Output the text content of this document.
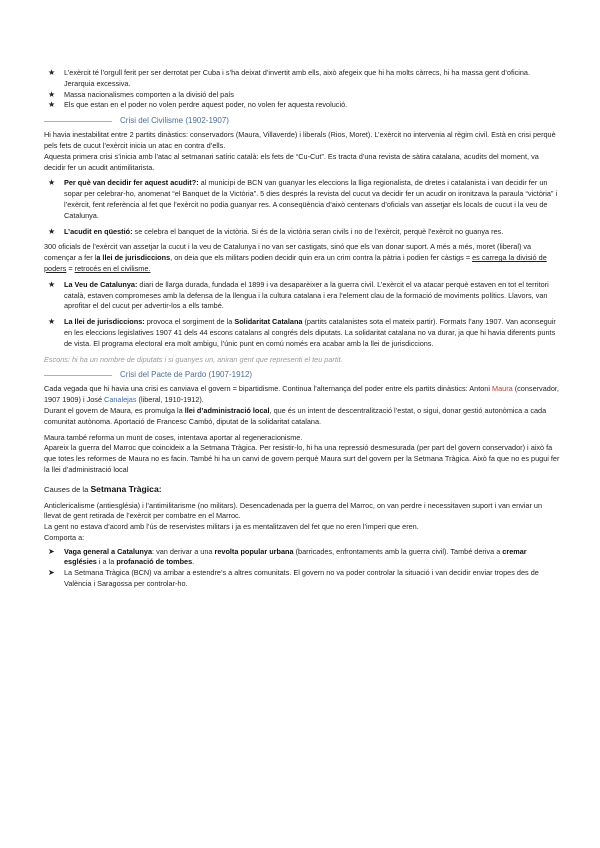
★ L’exèrcit té l’orgull ferit per ser derrotat per Cuba i s’ha deixat d’invertit amb ells, això afegeix que hi ha molts càrrecs, hi ha massa gent d’oficina. Jerarquia excessiva.
★ Massa nacionalismes comporten a la divisió del país
★ Els que estan en el poder no volen perdre aquest poder, no volen fer aquesta revolució.
Crisi del Civilisme (1902-1907)

Hi havia inestabilitat entre 2 partits dinàstics: conservadors (Maura, Villaverde) i liberals (Rios, Moret). L’exèrcit no intervenia al règim civil. Està en crisi perquè pels fets de cucut l’exèrcit inicia un atac en contra d’ells.

Aquesta primera crisi s’inicia amb l’atac al setmanari satíric català: els fets de “Cu-Cut”. Es tracta d’una revista de sàtira catalana, acudits del moment, va decidir fer un acudit antimilitarista.

★ Per què van decidir fer aquest acudit?: al municipi de BCN van guanyar les eleccions la lliga regionalista, de dretes i catalanista i van decidir fer un sopar per celebrar-ho, anomenat “el Banquet de la Victòria”. 5 dies després la revista del cucut va decidir fer un acudir on ironitzava la paraula “victòria” i l’exèrcit, fent referència al fet que l’exèrcit no podia guanyar res. A conseqüència d’això centenars d’oficials van assetjar els locals de cucut i la veu de Catalunya.
★ L’acudit en qüestió: se celebra el banquet de la victòria. Si és de la victòria seran civils i no de l’exèrcit, perquè l’exèrcit no guanya res.

300 oficials de l’exèrcit van assetjar la cucut i la veu de Catalunya i no van ser castigats, sinó que els van donar suport. A més a més, moret (liberal) va començar a fer la llei de jurisdiccions, on deia que els militars podien decidir quin era un crim contra la pàtria i podien fer càstigs = es carrega la divisió de poders = retrocés en el civilisme.

★ La Veu de Catalunya: diari de llarga durada, fundada el 1899 i va desaparèixer a la guerra civil. L’exèrcit el va atacar perquè estaven en tot el territori català, estaven compromeses amb la defensa de la llengua i la cultura catalana i era l’element clau de la formació de moviments polítics. Llavors, van aprofitar el del cucut per advertir-los a ells també.
★ La llei de jurisdiccions: provoca el sorgiment de la Solidaritat Catalana (partits catalanistes sota el mateix partir). Formats l’any 1907. Van aconseguir en les eleccions legislatives 1907 41 dels 44 escons catalans al congrés dels diputats. La solidaritat catalana no va durar, ja que hi havia diferents punts de vista. El programa electoral era molt ambigu, l’únic punt en comú només era acabar amb la llei de jurisdiccions.

Escons: hi ha un nombre de diputats i si guanyes un, aniran gent que representi el teu partit.

Crisi del Pacte de Pardo (1907-1912)

Cada vegada que hi havia una crisi es canviava el govern = bipartidisme. Continua l’alternança del poder entre els partits dinàstics: Antoni Maura (conservador, 1907 1909) i José Canalejas (liberal, 1910-1912).

Durant el govern de Maura, es promulga la llei d’administració local, que és un intent de descentralització l’estat, o sigui, donar gestió autonòmica a cada comunitat autònoma. Aportació de Francesc Cambó, diputat de la solidaritat catalana.

Maura també reforma un munt de coses, intentava aportar al regeneracionisme.

Apareix la guerra del Marroc que coincideix a la Setmana Tràgica. Per resistir-lo, hi ha una repressió desmesurada (per part del govern conservador) i això fa que totes les reformes de Maura no es facin. També hi ha un canvi de govern perquè Maura surt del govern per la Setmana Tràgica. Això fa que no es pugui fer la llei d’administració local

Causes de la Setmana Tràgica:

Anticlericalisme (antiesglésia) i l’antimilitarisme (no militars). Desencadenada per la guerra del Marroc, on van perdre i necessitaven suport i van enviar un llevat de gent retirada de l’exèrcit per combatre en el Marroc.

La gent no estava d’acord amb l’ús de reservistes militars i ja es mentalitzaven del fet que no eren l’imperi que eren.

Comporta a:

➤ Vaga general a Catalunya: van derivar a una revolta popular urbana (barricades, enfrontaments amb la guerra civil). També deriva a cremar esglésies i a la profanació de tombes.
➤ La Setmana Tràgica (BCN) va arribar a estendre’s a altres comunitats. El govern no va poder controlar la situació i van decidir enviar tropes des de València i Saragossa per controlar-ho.
